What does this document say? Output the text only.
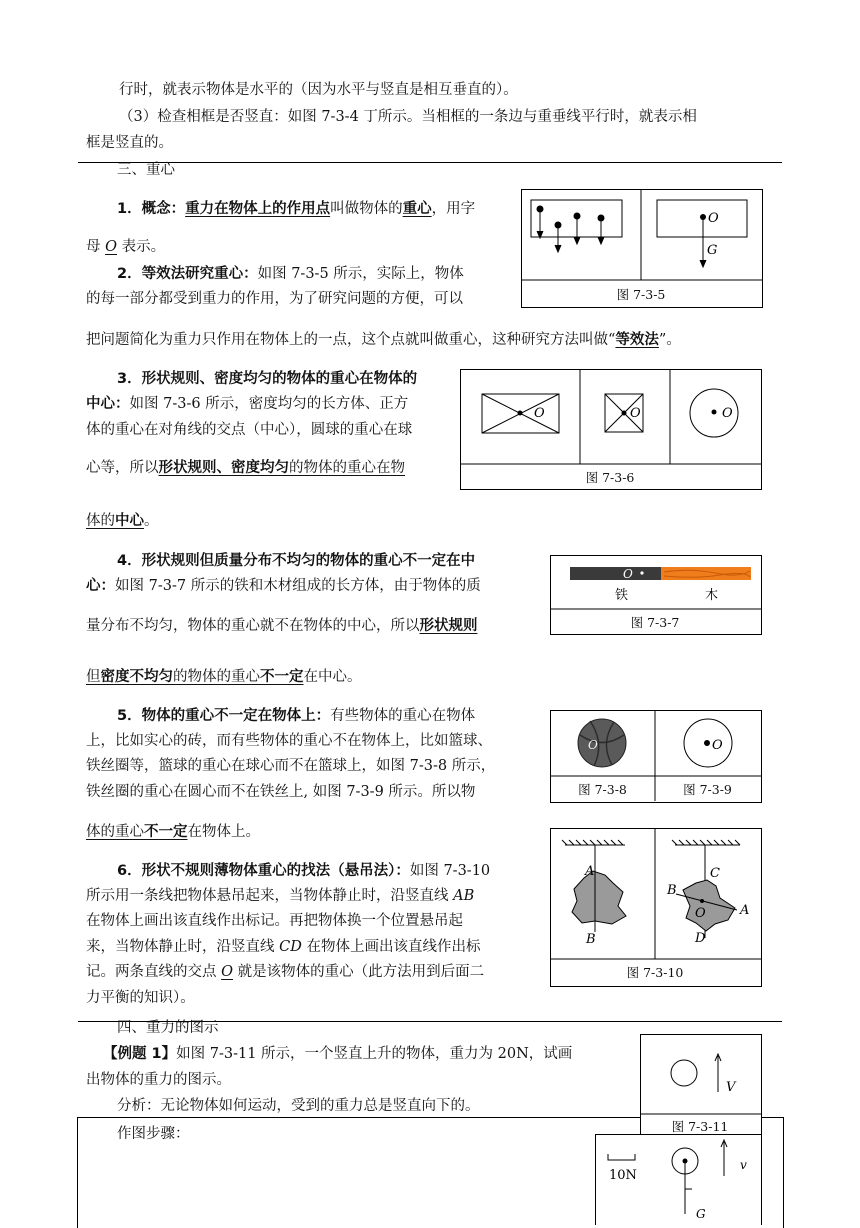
行时，就表示物体是水平的（因为水平与竖直是相互垂直的）。
（3）检查相框是否竖直：如图 7-3-4 丁所示。当相框的一条边与重垂线平行时，就表示相
框是竖直的。
三、重心
1．概念：重力在物体上的作用点叫做物体的重心，用字
母 O 表示。
2．等效法研究重心：如图 7-3-5 所示，实际上，物体
的每一部分都受到重力的作用，为了研究问题的方便，可以
把问题简化为重力只作用在物体上的一点，这个点就叫做重心，这种研究方法叫做“等效法”。
3．形状规则、密度均匀的物体的重心在物体的
中心：如图 7-3-6 所示，密度均匀的长方体、正方
体的重心在对角线的交点（中心），圆球的重心在球
心等，所以形状规则、密度均匀的物体的重心在物
体的中心。
4．形状规则但质量分布不均匀的物体的重心不一定在中
心：如图 7-3-7 所示的铁和木材组成的长方体，由于物体的质
量分布不均匀，物体的重心就不在物体的中心，所以形状规则
但密度不均匀的物体的重心不一定在中心。
5．物体的重心不一定在物体上：有些物体的重心在物体
上，比如实心的砖，而有些物体的重心不在物体上，比如篮球、
铁丝圈等，篮球的重心在球心而不在篮球上，如图 7-3-8 所示，
铁丝圈的重心在圆心而不在铁丝上, 如图 7-3-9 所示。所以物
体的重心不一定在物体上。
6．形状不规则薄物体重心的找法（悬吊法）：如图 7-3-10
所示用一条线把物体悬吊起来，当物体静止时，沿竖直线 AB
在物体上画出该直线作出标记。再把物体换一个位置悬吊起
来，当物体静止时，沿竖直线 CD 在物体上画出该直线作出标
记。两条直线的交点 O 就是该物体的重心（此方法用到后面二
力平衡的知识）。
四、重力的图示
【例题 1】如图 7-3-11 所示，一个竖直上升的物体，重力为 20N，试画
出物体的重力的图示。
分析：无论物体如何运动，受到的重力总是竖直向下的。
作图步骤：
O
G
图 7-3-5
O	O	O
图 7-3-6
O
铁	木
图 7-3-7
O	O
图 7-3-8	图 7-3-9
A
B
C
B
O	A
D
图 7-3-10
V
图 7-3-11
10N
v
G
